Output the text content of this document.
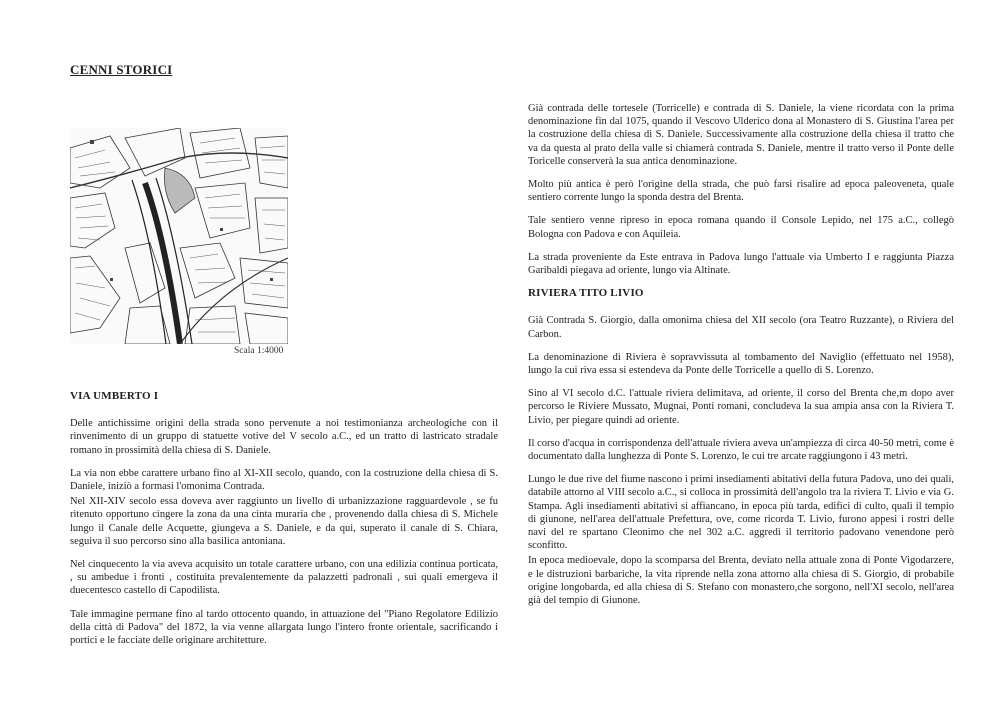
CENNI STORICI
Scala 1:4000
VIA UMBERTO I

Delle antichissime origini della strada sono pervenute a noi testimonianza archeologiche con il rinvenimento di un gruppo di statuette votive del V secolo a.C., ed un tratto di lastricato stradale romano in prossimità della chiesa di S. Daniele.

La via non ebbe carattere urbano fino al XI-XII secolo, quando, con la costruzione della chiesa di S. Daniele, iniziò a formasi l'omonima Contrada.

Nel XII-XIV secolo essa doveva aver raggiunto un livello di urbanizzazione ragguardevole , se fu ritenuto opportuno cingere la zona da una cinta muraria che , provenendo dalla chiesa di S. Michele lungo il Canale delle Acquette, giungeva a S. Daniele, e da qui, superato il canale di S. Chiara, seguiva il suo percorso sino alla basilica antoniana.

Nel cinquecento la via aveva acquisito un totale carattere urbano, con una edilizia continua porticata, , su ambedue i fronti , costituita prevalentemente da palazzetti padronali , sui quali emergeva il duecentesco castello di Capodilista.

Tale immagine permane fino al tardo ottocento quando, in attuazione del "Piano Regolatore Edilizio della città di Padova" del 1872, la via venne allargata lungo l'intero fronte orientale, sacrificando i portici e le facciate delle originare architetture.

Già contrada delle tortesele (Torricelle) e contrada di S. Daniele, la viene ricordata con la prima denominazione fin dal 1075, quando il Vescovo Ulderico dona al Monastero di S. Giustina l'area per la costruzione della chiesa di S. Daniele. Successivamente alla costruzione della chiesa il tratto che va da questa al prato della valle si chiamerà contrada S. Daniele, mentre il tratto verso il Ponte delle Toricelle conserverà la sua antica denominazione.

Molto più antica è però l'origine della strada, che può farsi risalire ad epoca paleoveneta, quale sentiero corrente lungo la sponda destra del Brenta.

Tale sentiero venne ripreso in epoca romana quando il Console Lepido, nel 175 a.C., collegò Bologna con Padova e con Aquileia.

La strada proveniente da Este entrava in Padova lungo l'attuale via Umberto I e raggiunta Piazza Garibaldi piegava ad oriente, lungo via Altinate.

RIVIERA TITO LIVIO

Già Contrada S. Giorgio, dalla omonima chiesa del XII secolo (ora Teatro Ruzzante), o Riviera del Carbon.

La denominazione di Riviera è sopravvissuta al tombamento del Naviglio (effettuato nel 1958), lungo la cui riva essa si estendeva da Ponte delle Torricelle a quello di S. Lorenzo.

Sino al VI secolo d.C. l'attuale riviera delimitava, ad oriente, il corso del Brenta che,m dopo aver percorso le Riviere Mussato, Mugnai, Ponti romani, concludeva la sua ampia ansa con la Riviera T. Livio, per piegare quindi ad oriente.

Il corso d'acqua in corrispondenza dell'attuale riviera aveva un'ampiezza di circa 40-50 metri, come è documentato dalla lunghezza di Ponte S. Lorenzo, le cui tre arcate raggiungono i 43 metri.

Lungo le due rive del fiume nascono i primi insediamenti abitativi della futura Padova, uno dei quali, databile attorno al VIII secolo a.C., si colloca in prossimità dell'angolo tra la riviera T. Livio e via G. Stampa. Agli insediamenti abitativi si affiancano, in epoca più tarda, edifici di culto, quali il tempio di giunone, nell'area dell'attuale Prefettura, ove, come ricorda T. Livio, furono appesi i rostri delle navi del re spartano Cleonimo che nel 302 a.C. aggredì il territorio padovano venendone però sconfitto.

In epoca medioevale, dopo la scomparsa del Brenta, deviato nella attuale zona di Ponte Vigodarzere, e le distruzioni barbariche, la vita riprende nella zona attorno alla chiesa di S. Giorgio, di probabile origine longobarda, ed alla chiesa di S. Stefano con monastero,che sorgono, nell'XI secolo, nell'area già del tempio di Giunone.
